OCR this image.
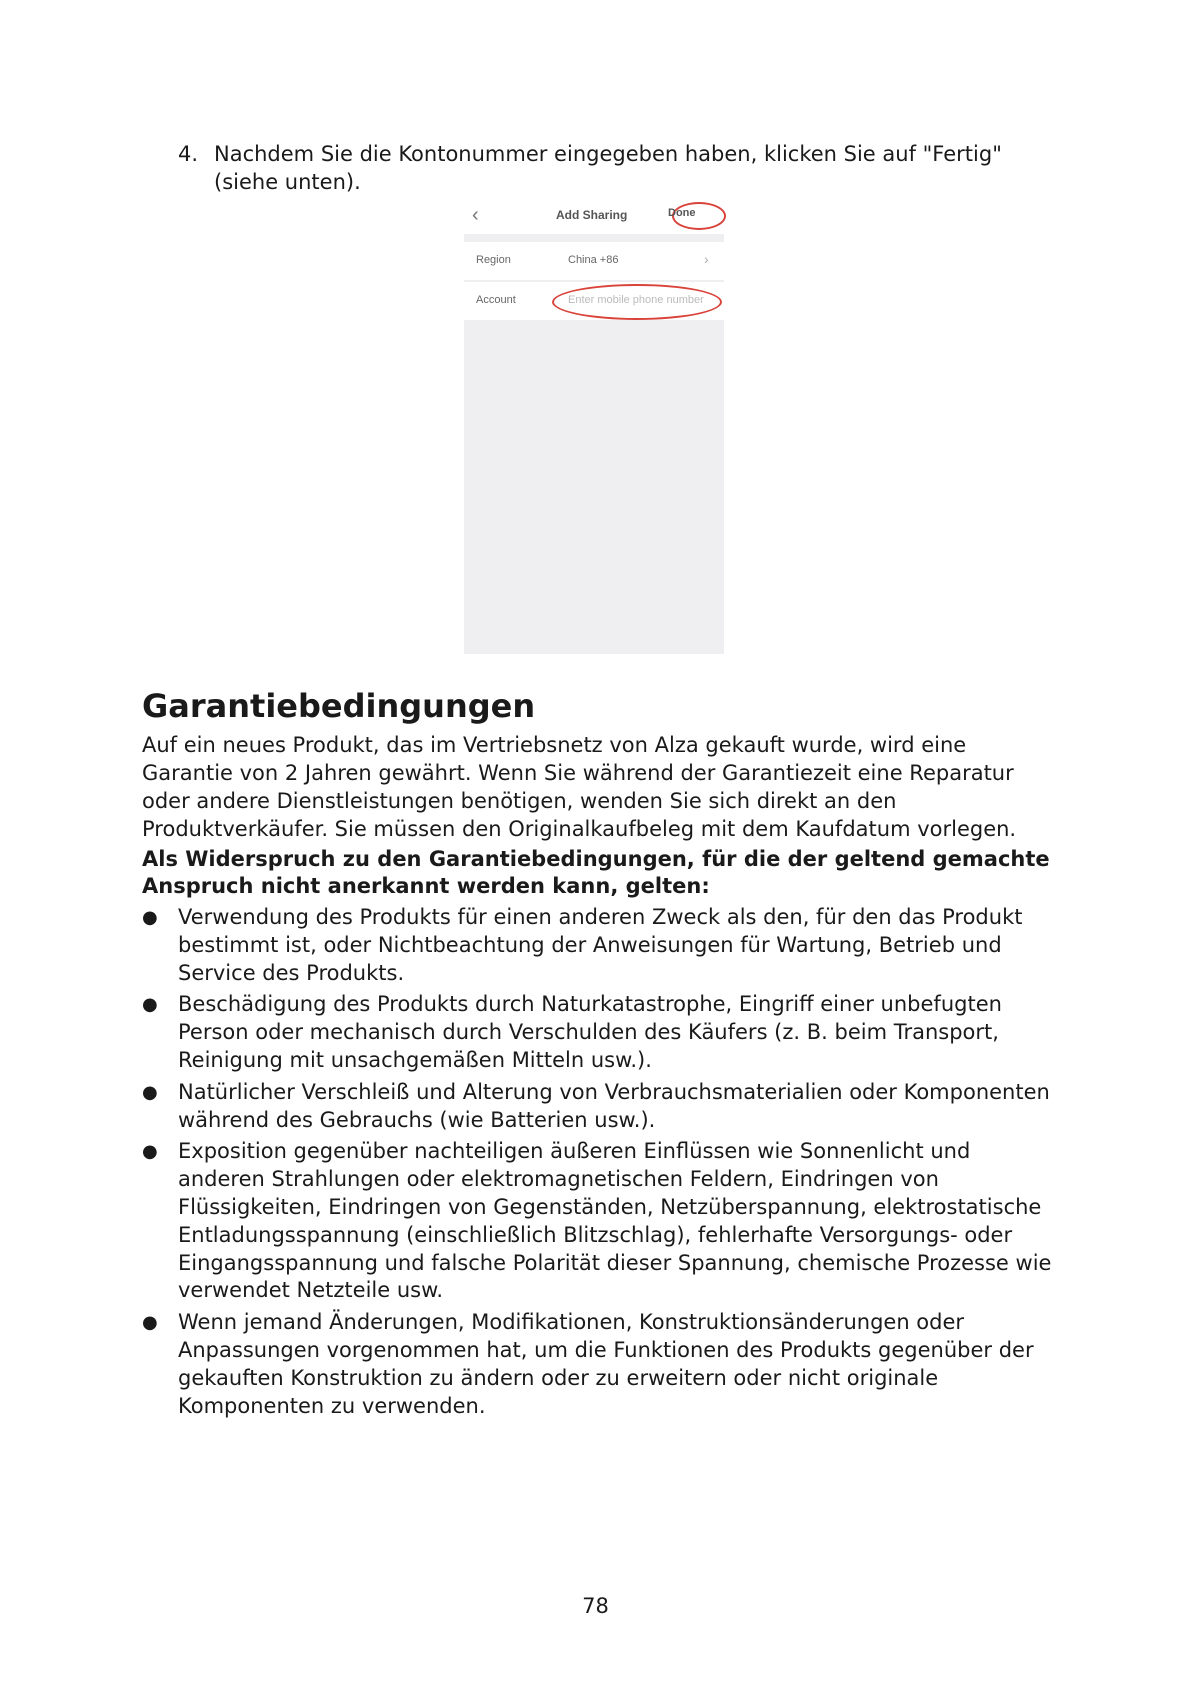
4. Nachdem Sie die Kontonummer eingegeben haben, klicken Sie auf "Fertig" (siehe unten).
‹	Add Sharing	Done
Region	China +86	›
Account	Enter mobile phone number
Garantiebedingungen
Auf ein neues Produkt, das im Vertriebsnetz von Alza gekauft wurde, wird eine Garantie von 2 Jahren gewährt. Wenn Sie während der Garantiezeit eine Reparatur oder andere Dienstleistungen benötigen, wenden Sie sich direkt an den Produktverkäufer. Sie müssen den Originalkaufbeleg mit dem Kaufdatum vorlegen.
Als Widerspruch zu den Garantiebedingungen, für die der geltend gemachte Anspruch nicht anerkannt werden kann, gelten:
● Verwendung des Produkts für einen anderen Zweck als den, für den das Produkt bestimmt ist, oder Nichtbeachtung der Anweisungen für Wartung, Betrieb und Service des Produkts.
● Beschädigung des Produkts durch Naturkatastrophe, Eingriff einer unbefugten Person oder mechanisch durch Verschulden des Käufers (z. B. beim Transport, Reinigung mit unsachgemäßen Mitteln usw.).
● Natürlicher Verschleiß und Alterung von Verbrauchsmaterialien oder Komponenten während des Gebrauchs (wie Batterien usw.).
● Exposition gegenüber nachteiligen äußeren Einflüssen wie Sonnenlicht und anderen Strahlungen oder elektromagnetischen Feldern, Eindringen von Flüssigkeiten, Eindringen von Gegenständen, Netzüberspannung, elektrostatische Entladungsspannung (einschließlich Blitzschlag), fehlerhafte Versorgungs- oder Eingangsspannung und falsche Polarität dieser Spannung, chemische Prozesse wie verwendet Netzteile usw.
● Wenn jemand Änderungen, Modifikationen, Konstruktionsänderungen oder Anpassungen vorgenommen hat, um die Funktionen des Produkts gegenüber der gekauften Konstruktion zu ändern oder zu erweitern oder nicht originale Komponenten zu verwenden.
78
